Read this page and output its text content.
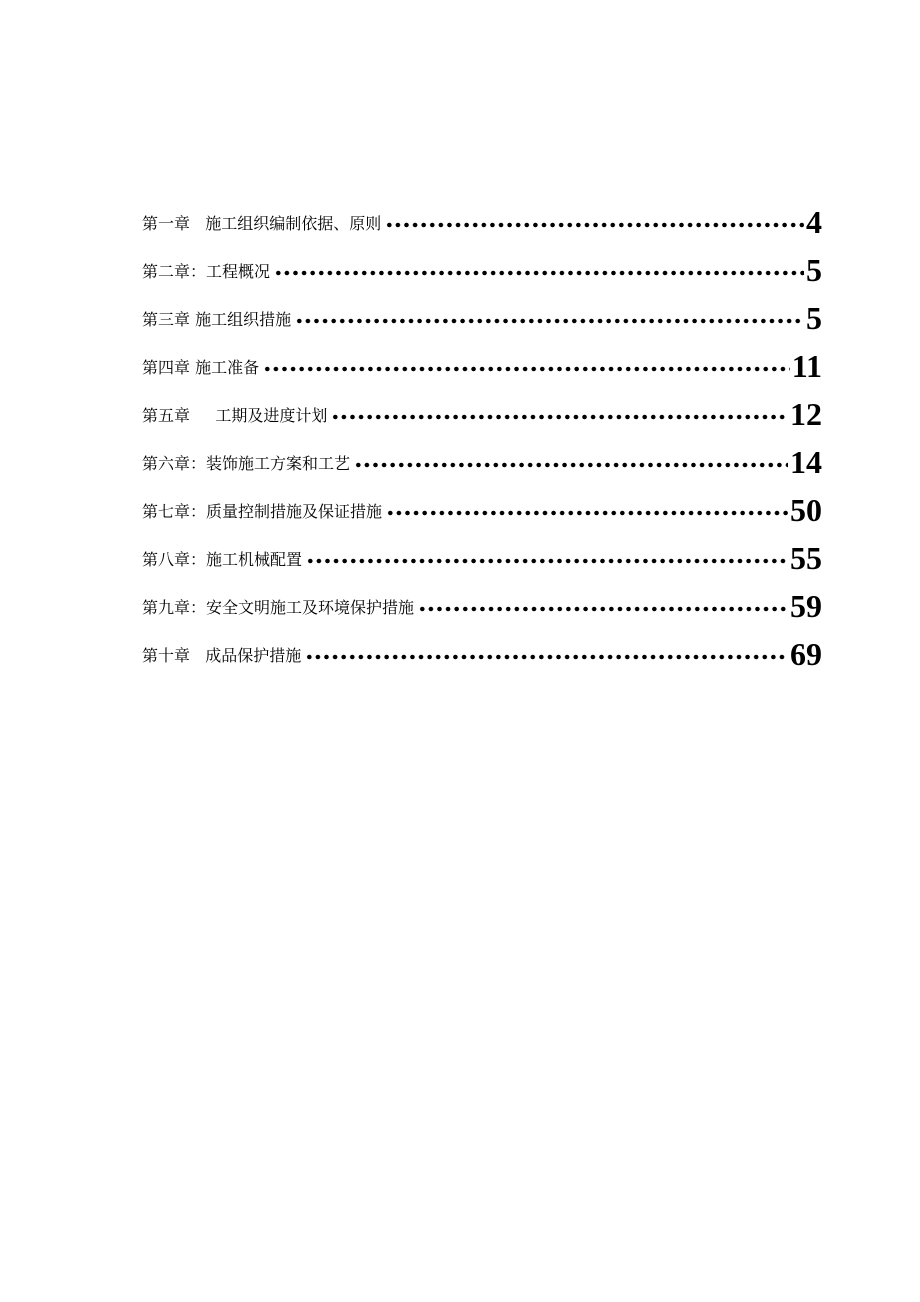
第一章   施工组织编制依据、原则	4
第二章：工程概况	5
第三章 施工组织措施	5
第四章 施工准备	11
第五章     工期及进度计划	12
第六章：装饰施工方案和工艺	14
第七章：质量控制措施及保证措施	50
第八章：施工机械配置	55
第九章：安全文明施工及环境保护措施	59
第十章   成品保护措施	69
